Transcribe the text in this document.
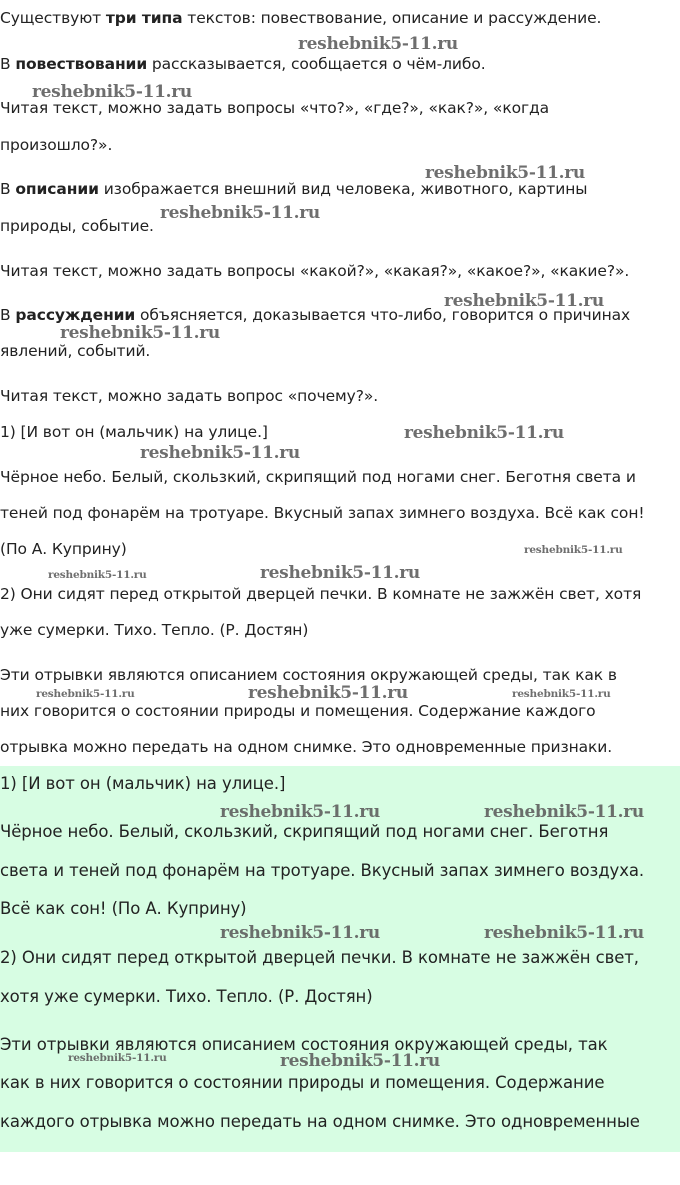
Существуют три типа текстов: повествование, описание и рассуждение.

В повествовании рассказывается, сообщается о чём-либо.

Читая текст, можно задать вопросы «что?», «где?», «как?», «когда

произошло?».

В описании изображается внешний вид человека, животного, картины

природы, событие.

Читая текст, можно задать вопросы «какой?», «какая?», «какое?», «какие?».

В рассуждении объясняется, доказывается что-либо, говорится о причинах

явлений, событий.

Читая текст, можно задать вопрос «почему?».

1) [И вот он (мальчик) на улице.]

Чёрное небо. Белый, скользкий, скрипящий под ногами снег. Беготня света и

теней под фонарём на тротуаре. Вкусный запах зимнего воздуха. Всё как сон!

(По А. Куприну)

2) Они сидят перед открытой дверцей печки. В комнате не зажжён свет, хотя

уже сумерки. Тихо. Тепло. (Р. Достян)

Эти отрывки являются описанием состояния окружающей среды, так как в

них говорится о состоянии природы и помещения. Содержание каждого

отрывка можно передать на одном снимке. Это одновременные признаки.

1) [И вот он (мальчик) на улице.]

Чёрное небо. Белый, скользкий, скрипящий под ногами снег. Беготня

света и теней под фонарём на тротуаре. Вкусный запах зимнего воздуха.

Всё как сон! (По А. Куприну)

2) Они сидят перед открытой дверцей печки. В комнате не зажжён свет,

хотя уже сумерки. Тихо. Тепло. (Р. Достян)

Эти отрывки являются описанием состояния окружающей среды, так

как в них говорится о состоянии природы и помещения. Содержание

каждого отрывка можно передать на одном снимке. Это одновременные

reshebnik5-11.ru
reshebnik5-11.ru
reshebnik5-11.ru
reshebnik5-11.ru
reshebnik5-11.ru
reshebnik5-11.ru
reshebnik5-11.ru
reshebnik5-11.ru
reshebnik5-11.ru
reshebnik5-11.ru	reshebnik5-11.ru
reshebnik5-11.ru	reshebnik5-11.ru	reshebnik5-11.ru
reshebnik5-11.ru	reshebnik5-11.ru
reshebnik5-11.ru	reshebnik5-11.ru
reshebnik5-11.ru	reshebnik5-11.ru
